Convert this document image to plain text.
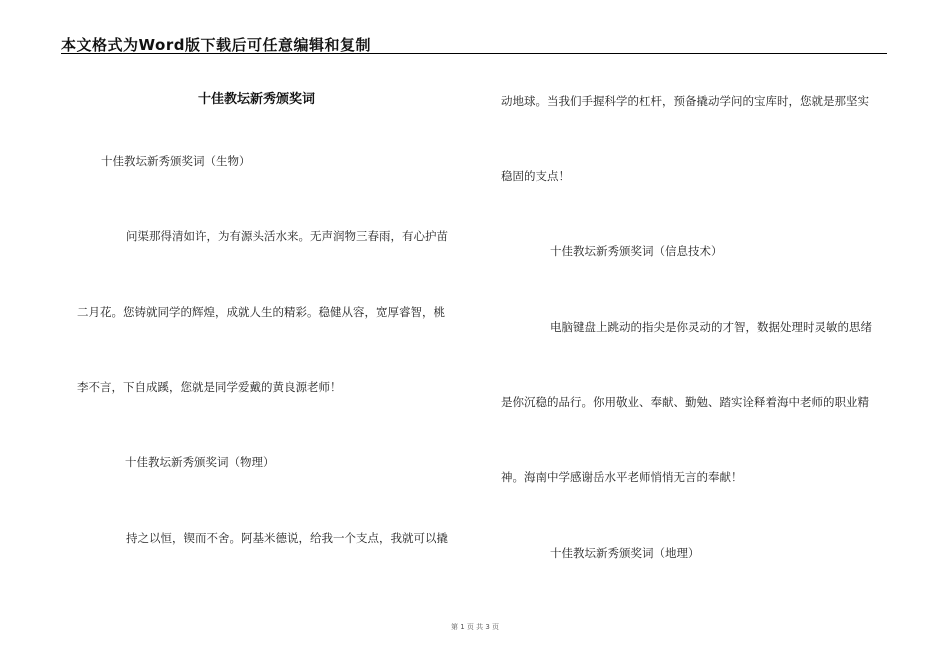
本文格式为Word版下载后可任意编辑和复制
十佳教坛新秀颁奖词
十佳教坛新秀颁奖词（生物）
问渠那得清如许，为有源头活水来。无声润物三春雨，有心护苗
二月花。您铸就同学的辉煌，成就人生的精彩。稳健从容，宽厚睿智，桃
李不言，下自成蹊，您就是同学爱戴的黄良源老师！
十佳教坛新秀颁奖词（物理）
持之以恒，锲而不舍。阿基米德说，给我一个支点，我就可以撬
动地球。当我们手握科学的杠杆，预备撬动学问的宝库时，您就是那坚实
稳固的支点！
十佳教坛新秀颁奖词（信息技术）
电脑键盘上跳动的指尖是你灵动的才智，数据处理时灵敏的思绪
是你沉稳的品行。你用敬业、奉献、勤勉、踏实诠释着海中老师的职业精
神。海南中学感谢岳水平老师悄悄无言的奉献！
十佳教坛新秀颁奖词（地理）
第 1 页 共 3 页
